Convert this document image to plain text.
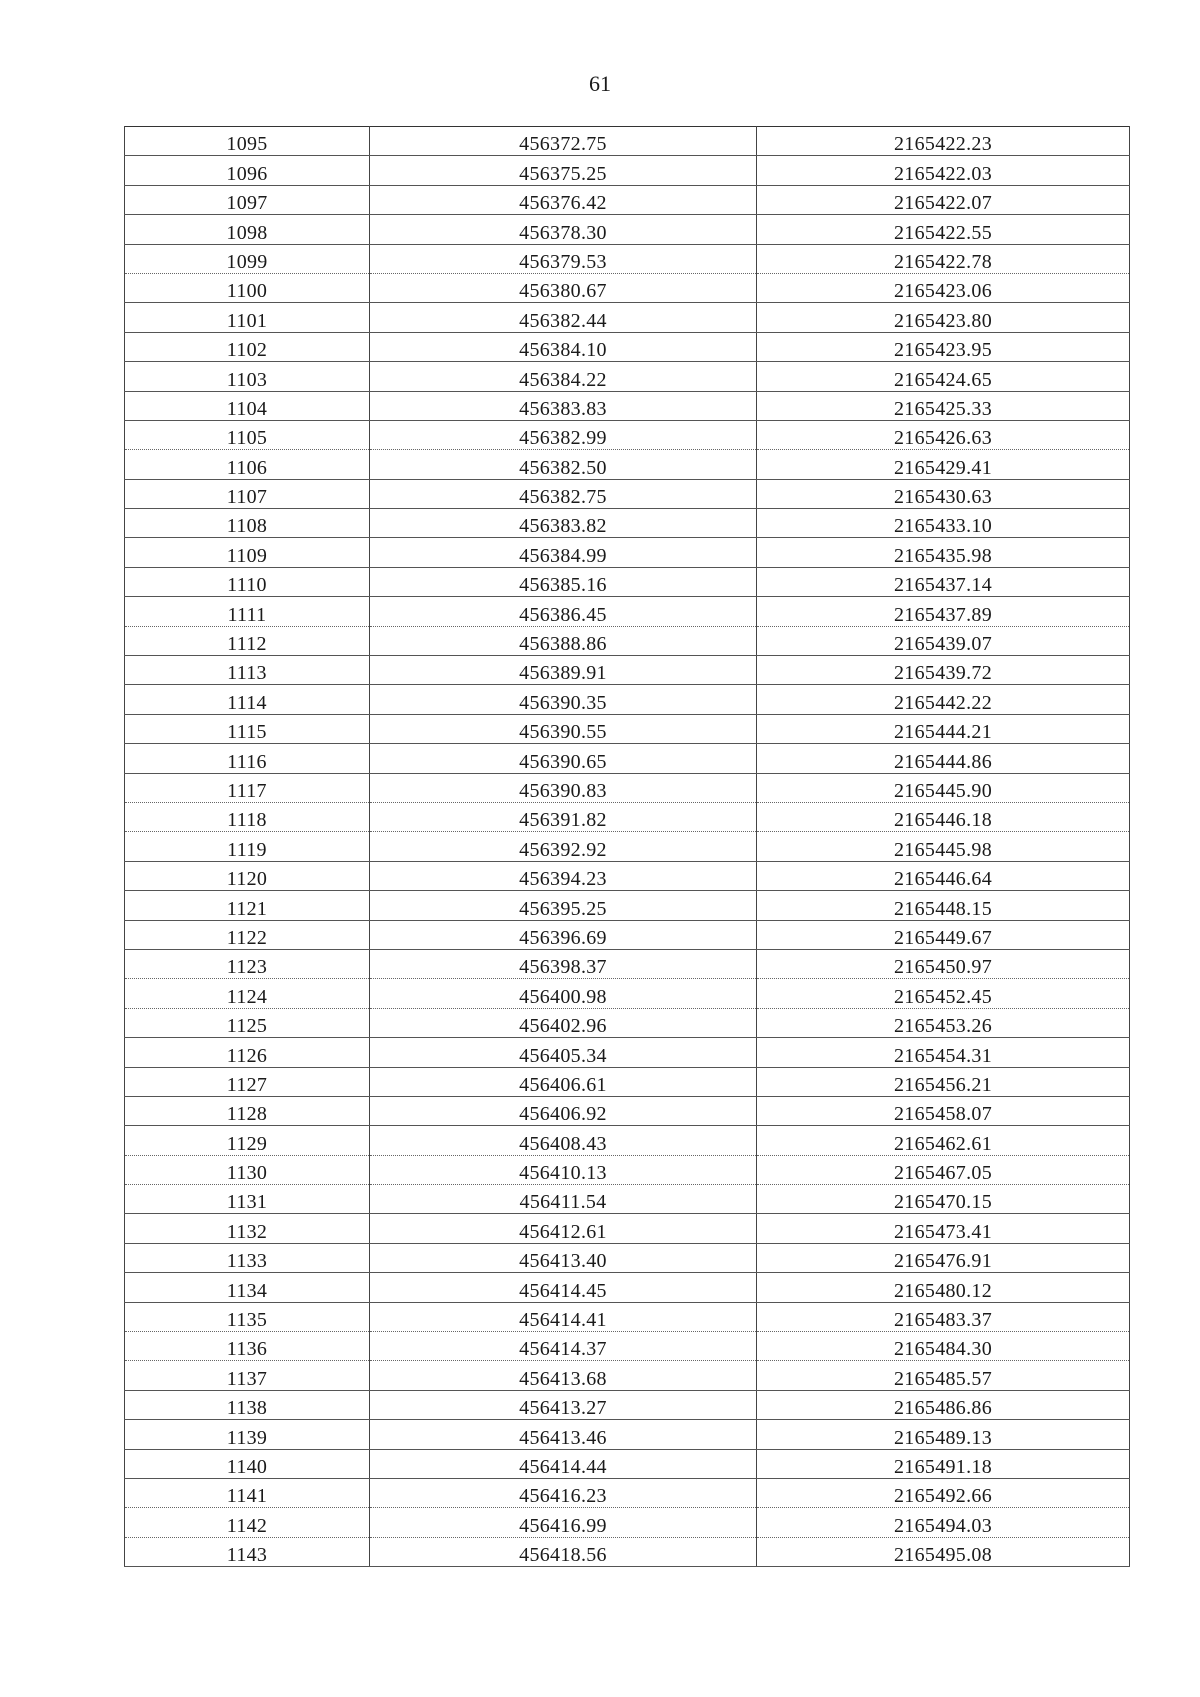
61
1095	456372.75	2165422.23
1096	456375.25	2165422.03
1097	456376.42	2165422.07
1098	456378.30	2165422.55
1099	456379.53	2165422.78
1100	456380.67	2165423.06
1101	456382.44	2165423.80
1102	456384.10	2165423.95
1103	456384.22	2165424.65
1104	456383.83	2165425.33
1105	456382.99	2165426.63
1106	456382.50	2165429.41
1107	456382.75	2165430.63
1108	456383.82	2165433.10
1109	456384.99	2165435.98
1110	456385.16	2165437.14
1111	456386.45	2165437.89
1112	456388.86	2165439.07
1113	456389.91	2165439.72
1114	456390.35	2165442.22
1115	456390.55	2165444.21
1116	456390.65	2165444.86
1117	456390.83	2165445.90
1118	456391.82	2165446.18
1119	456392.92	2165445.98
1120	456394.23	2165446.64
1121	456395.25	2165448.15
1122	456396.69	2165449.67
1123	456398.37	2165450.97
1124	456400.98	2165452.45
1125	456402.96	2165453.26
1126	456405.34	2165454.31
1127	456406.61	2165456.21
1128	456406.92	2165458.07
1129	456408.43	2165462.61
1130	456410.13	2165467.05
1131	456411.54	2165470.15
1132	456412.61	2165473.41
1133	456413.40	2165476.91
1134	456414.45	2165480.12
1135	456414.41	2165483.37
1136	456414.37	2165484.30
1137	456413.68	2165485.57
1138	456413.27	2165486.86
1139	456413.46	2165489.13
1140	456414.44	2165491.18
1141	456416.23	2165492.66
1142	456416.99	2165494.03
1143	456418.56	2165495.08
